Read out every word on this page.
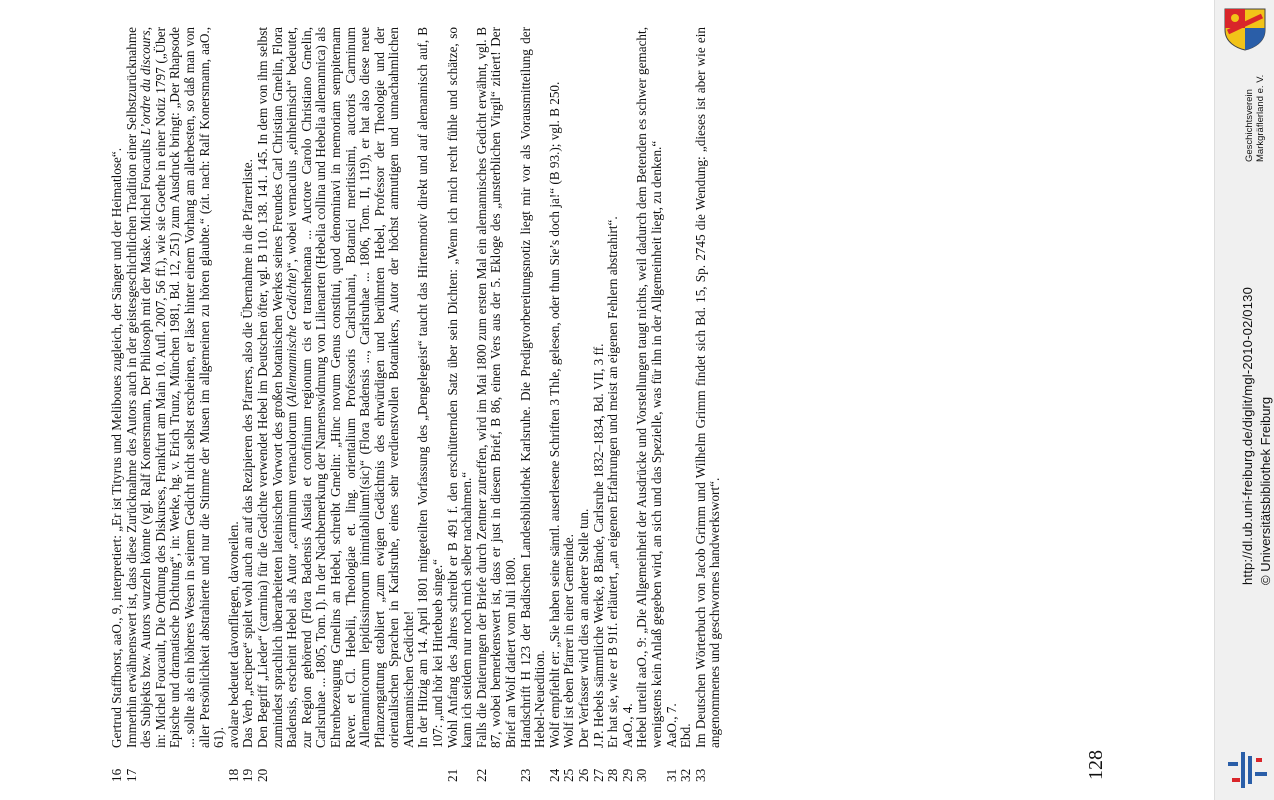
16
Gertrud Staffhorst, aaO., 9, interpretiert: „Er ist Tityrus und Meliboues zugleich, der Sänger und der Heimatlose“.
17
Immerhin erwähnenswert ist, dass diese Zurücknahme des Autors auch in der geistesgeschichtlichen Tradition einer Selbstzurücknahme des Subjekts bzw. Autors wurzeln könnte (vgl. Ralf Konersmann, Der Philosoph mit der Maske. Michel Foucaults L’ordre du discours, in: Michel Foucault, Die Ordnung des Diskurses, Frankfurt am Main 10. Aufl. 2007, 56 ff.), wie sie Goethe in einer Notiz 1797 („Über Epische und dramatische Dichtung“, in: Werke, hg. v. Erich Trunz, München 1981, Bd. 12, 251) zum Ausdruck bringt: „Der Rhapsode ... sollte als ein höheres Wesen in seinem Gedicht nicht selbst erscheinen, er läse hinter einem Vorhang am allerbesten, so daß man von aller Persönlichkeit abstrahierte und nur die Stimme der Musen im allgemeinen zu hören glaubte.“ (zit. nach: Ralf Konersmann, aaO., 61).
18
avolare bedeutet davonfliegen, davoneilen.
19
Das Verb „recipere“ spielt wohl auch an auf das Rezipieren des Pfarrers, also die Übernahme in die Pfarrerliste.
20
Den Begriff „Lieder“ (carmina) für die Gedichte verwendet Hebel im Deutschen öfter, vgl. B 110. 138. 141. 145. In dem von ihm selbst zumindest sprachlich überarbeiteten lateinischen Vorwort des großen botanischen Werkes seines Freundes Carl Christian Gmelin, Flora Badensis, erscheint Hebel als Autor „carminum vernaculorum (Allemannische Gedichte)“, wobei vernaculus „einheimisch“ bedeutet, zur Region gehörend (Flora Badensis Alsatia et confinium regionum cis et transrhenana ... Auctore Carolo Christiano Gmelin, Carlsruhae ... 1805, Tom. I). In der Nachbemerkung der Namenswidmung von Lilienarten (Hebelia collina und Hebelia allemannica) als Ehrenbezeugung Gmelins an Hebel, schreibt Gmelin: „Hinc novum Genus constitui, quod denominavi in memoriam sempiternam Rever. et Cl. Hebelii, Theologiae et. ling. orientalium Professoris Carlsruhani, Botanici meritissimi, auctoris Carminum Allemannicorum lepidissimorum inimitabilium!(sic)“ (Flora Badensis ..., Carlsruhae ... 1806, Tom. II, 119), er hat also diese neue Pflanzengattung etabliert „zum ewigen Gedächtnis des ehrwürdigen und berühmten Hebel, Professor der Theologie und der orientalischen Sprachen in Karlsruhe, eines sehr verdienstvollen Botanikers, Autor der höchst anmutigen und unnachahmlichen Alemannischen Gedichte! In der Hitzig am 14. April 1801 mitgeteilten Vorfassung des „Dengelegeist“ taucht das Hirtenmotiv direkt und auf alemannisch auf, B 107: „und hör kei Hirtebueb singe.“
21
Wohl Anfang des Jahres schreibt er B 491 f. den erschütternden Satz über sein Dichten: „Wenn ich mich recht fühle und schätze, so kann ich seitdem nur noch mich selber nachahmen.“
22
Falls die Datierungen der Briefe durch Zentner zutreffen, wird im Mai 1800 zum ersten Mal ein alemannisches Gedicht erwähnt, vgl. B 87, wobei bemerkenswert ist, dass er just in diesem Brief, B 86, einen Vers aus der 5. Ekloge des „unsterblichen Virgil“ zitiert! Der Brief an Wolf datiert vom Juli 1800.
23
Handschrift H 123 der Badischen Landesbibliothek Karlsruhe. Die Predigtvorbereitungsnotiz liegt mir vor als Vorausmitteilung der Hebel-Neuedition.
24
Wolf empfiehlt er: „Sie haben seine sämtl. auserlesene Schriften 3 Thle, gelesen, oder thun Sie’s doch ja!“ (B 93.); vgl. B 250.
25
Wolf ist eben Pfarrer in einer Gemeinde.
26
Der Verfasser wird dies an anderer Stelle tun.
27
J.P. Hebels sämmtliche Werke, 8 Bände, Carlsruhe 1832–1834, Bd. VII, 3 ff.
28
Er hat sie, wie er B 91f. erläutert, „an eigenen Erfahrungen und meist an eigenen Fehlern abstrahirt“.
29
AaO., 4.
30
Hebel urteilt aaO., 9: „Die Allgemeinheit der Ausdrücke und Vorstellungen taugt nichts, weil dadurch dem Betenden es schwer gemacht, wenigstens kein Anlaß gegeben wird, an sich und das Spezielle, was für ihn in der Allgemeinheit liegt, zu denken.“
31
AaO., 7.
32
Ebd.
33
Im Deutschen Wörterbuch von Jacob Grimm und Wilhelm Grimm findet sich Bd. 15, Sp. 2745 die Wendung: „dieses ist aber wie ein angenommenes und geschwornes handwerkswort“.
128
http://dl.ub.uni-freiburg.de/diglit/mgl-2010-02/0130 © Universitätsbibliothek Freiburg
Geschichtsverein Markgräflerland e. V.
